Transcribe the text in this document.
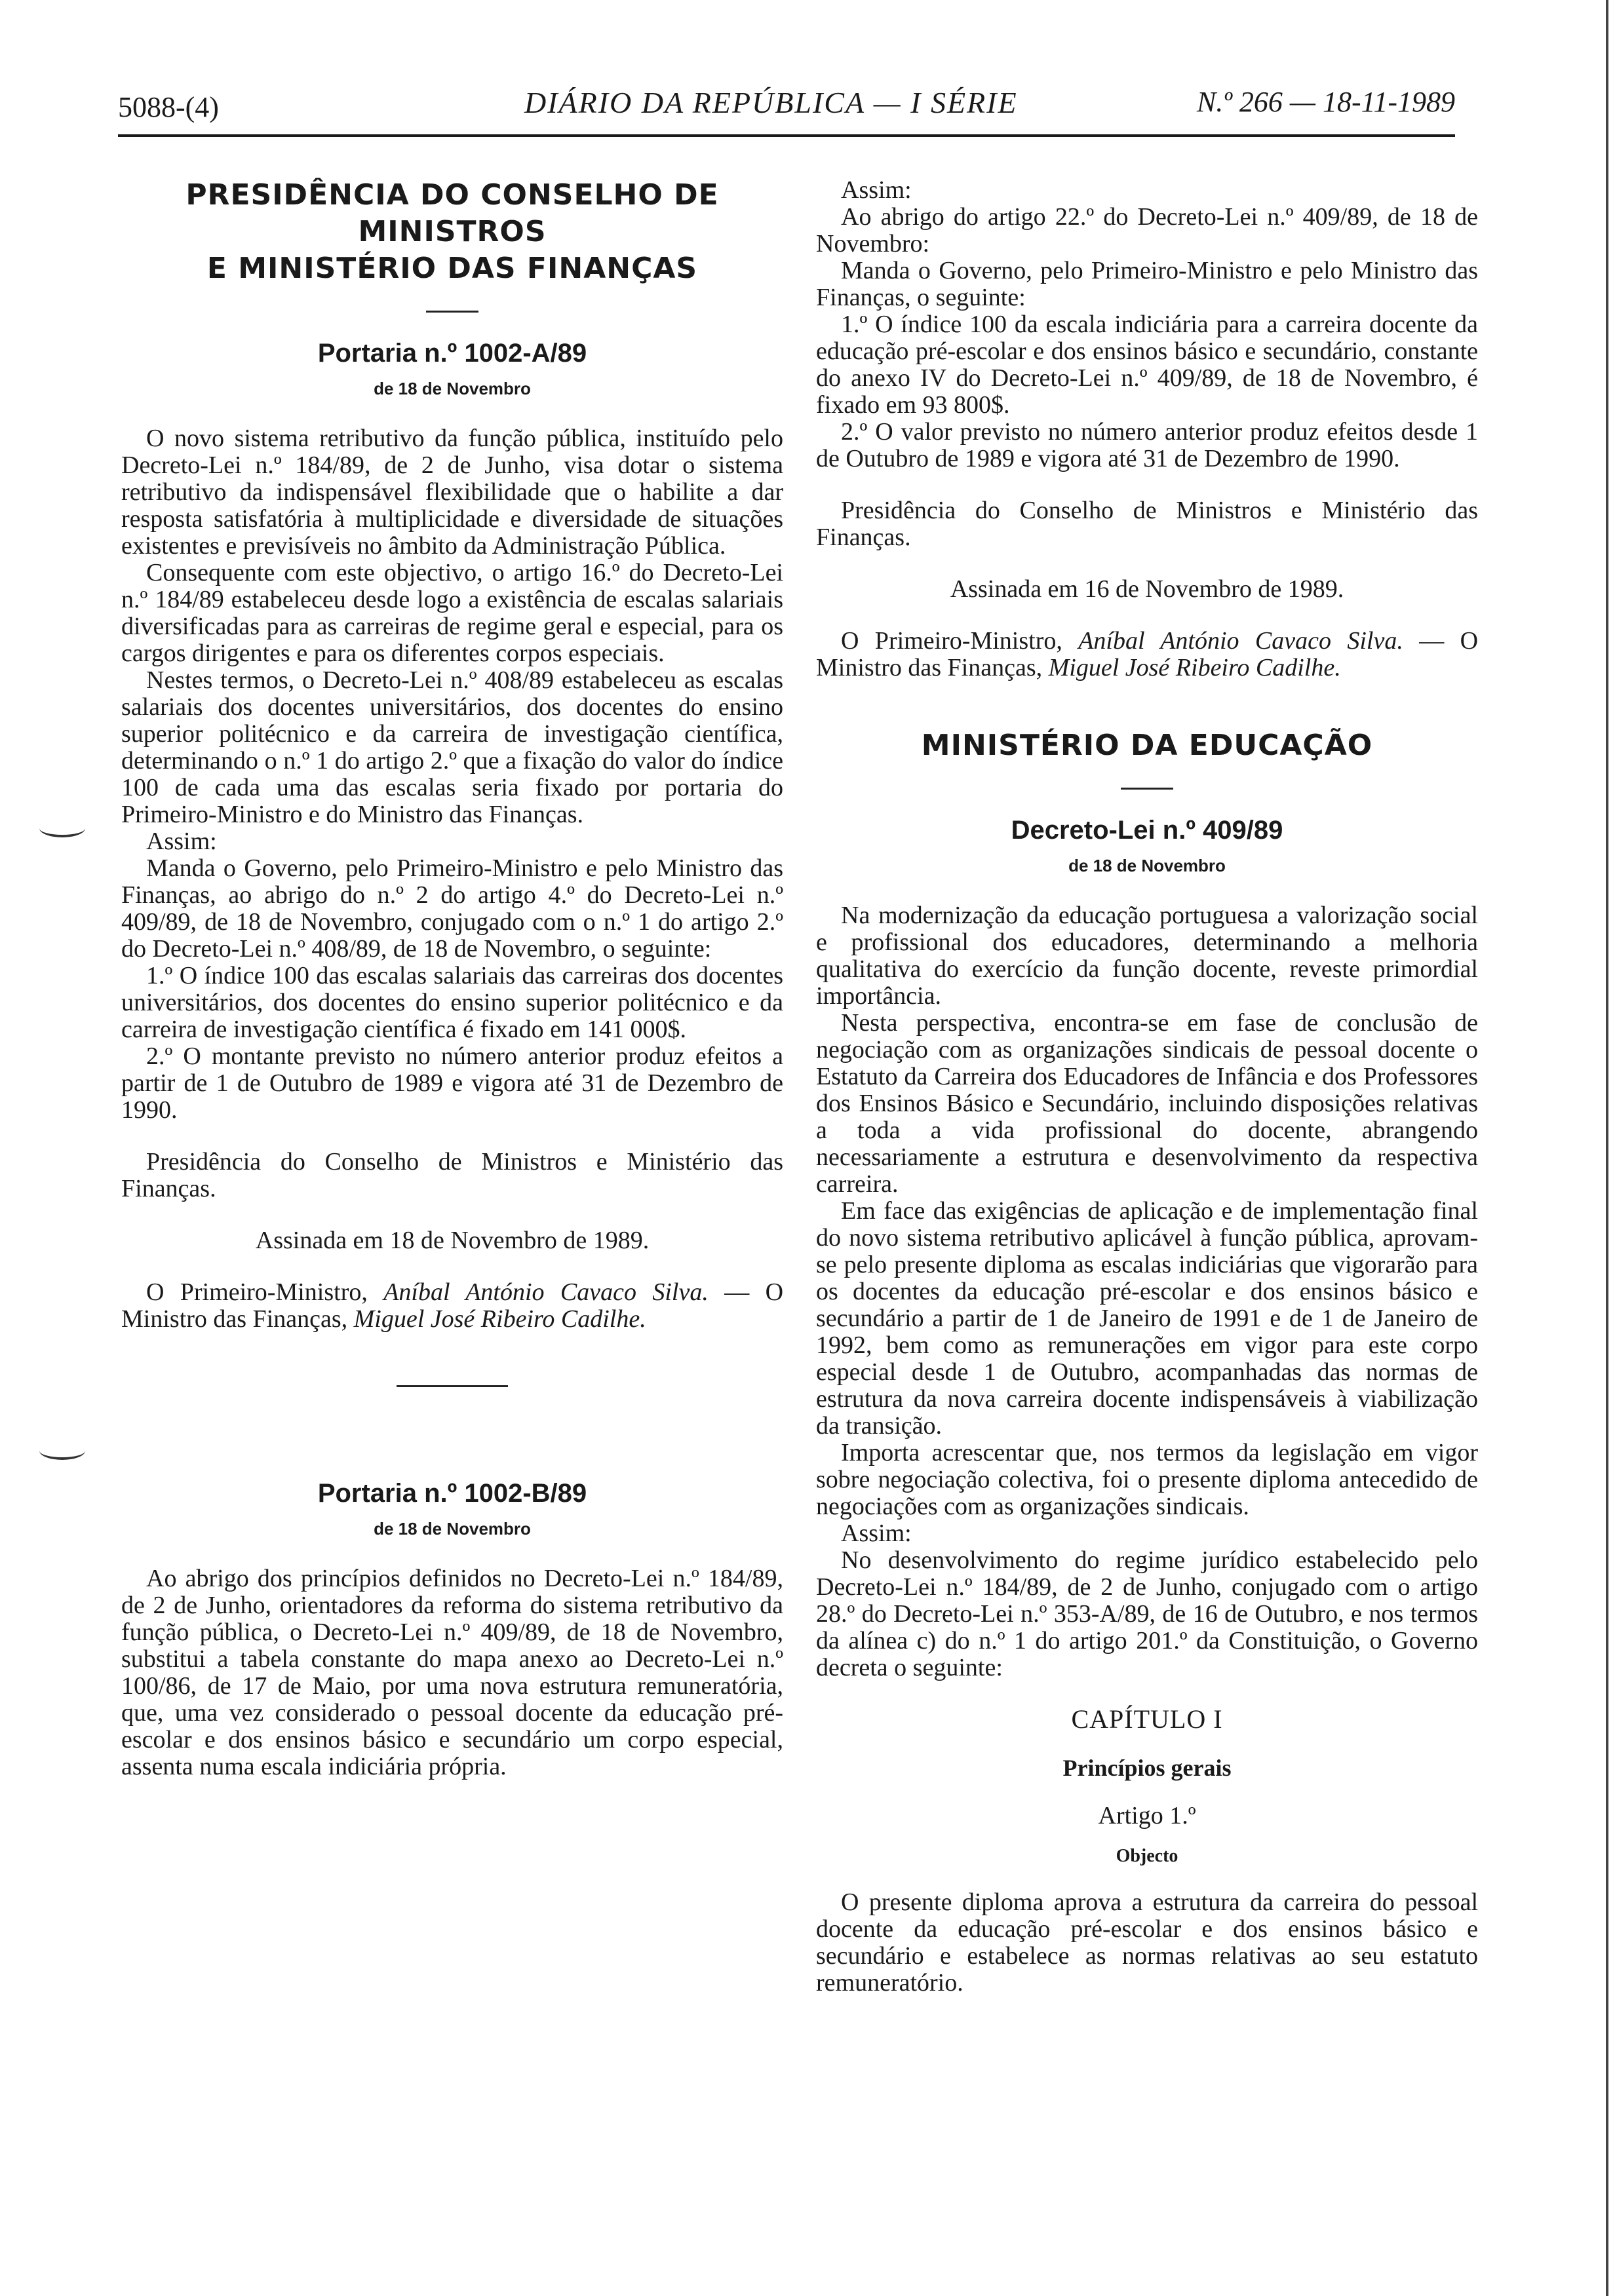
5088-(4)	DIÁRIO DA REPÚBLICA — I SÉRIE	N.º 266 — 18-11-1989
PRESIDÊNCIA DO CONSELHO DE MINISTROS
E MINISTÉRIO DAS FINANÇAS
Portaria n.º 1002-A/89
de 18 de Novembro

O novo sistema retributivo da função pública, instituído pelo Decreto-Lei n.º 184/89, de 2 de Junho, visa dotar o sistema retributivo da indispensável flexibilidade que o habilite a dar resposta satisfatória à multiplicidade e diversidade de situações existentes e previsíveis no âmbito da Administração Pública.

Consequente com este objectivo, o artigo 16.º do Decreto-Lei n.º 184/89 estabeleceu desde logo a existência de escalas salariais diversificadas para as carreiras de regime geral e especial, para os cargos dirigentes e para os diferentes corpos especiais.

Nestes termos, o Decreto-Lei n.º 408/89 estabeleceu as escalas salariais dos docentes universitários, dos docentes do ensino superior politécnico e da carreira de investigação científica, determinando o n.º 1 do artigo 2.º que a fixação do valor do índice 100 de cada uma das escalas seria fixado por portaria do Primeiro-Ministro e do Ministro das Finanças.

Assim:

Manda o Governo, pelo Primeiro-Ministro e pelo Ministro das Finanças, ao abrigo do n.º 2 do artigo 4.º do Decreto-Lei n.º 409/89, de 18 de Novembro, conjugado com o n.º 1 do artigo 2.º do Decreto-Lei n.º 408/89, de 18 de Novembro, o seguinte:

1.º O índice 100 das escalas salariais das carreiras dos docentes universitários, dos docentes do ensino superior politécnico e da carreira de investigação científica é fixado em 141 000$.

2.º O montante previsto no número anterior produz efeitos a partir de 1 de Outubro de 1989 e vigora até 31 de Dezembro de 1990.

Presidência do Conselho de Ministros e Ministério das Finanças.

Assinada em 18 de Novembro de 1989.

O Primeiro-Ministro, Aníbal António Cavaco Silva. — O Ministro das Finanças, Miguel José Ribeiro Cadilhe.

Portaria n.º 1002-B/89
de 18 de Novembro

Ao abrigo dos princípios definidos no Decreto-Lei n.º 184/89, de 2 de Junho, orientadores da reforma do sistema retributivo da função pública, o Decreto-Lei n.º 409/89, de 18 de Novembro, substitui a tabela constante do mapa anexo ao Decreto-Lei n.º 100/86, de 17 de Maio, por uma nova estrutura remuneratória, que, uma vez considerado o pessoal docente da educação pré-escolar e dos ensinos básico e secundário um corpo especial, assenta numa escala indiciária própria.

Assim:

Ao abrigo do artigo 22.º do Decreto-Lei n.º 409/89, de 18 de Novembro:

Manda o Governo, pelo Primeiro-Ministro e pelo Ministro das Finanças, o seguinte:

1.º O índice 100 da escala indiciária para a carreira docente da educação pré-escolar e dos ensinos básico e secundário, constante do anexo IV do Decreto-Lei n.º 409/89, de 18 de Novembro, é fixado em 93 800$.

2.º O valor previsto no número anterior produz efeitos desde 1 de Outubro de 1989 e vigora até 31 de Dezembro de 1990.

Presidência do Conselho de Ministros e Ministério das Finanças.

Assinada em 16 de Novembro de 1989.

O Primeiro-Ministro, Aníbal António Cavaco Silva. — O Ministro das Finanças, Miguel José Ribeiro Cadilhe.

MINISTÉRIO DA EDUCAÇÃO
Decreto-Lei n.º 409/89
de 18 de Novembro

Na modernização da educação portuguesa a valorização social e profissional dos educadores, determinando a melhoria qualitativa do exercício da função docente, reveste primordial importância.

Nesta perspectiva, encontra-se em fase de conclusão de negociação com as organizações sindicais de pessoal docente o Estatuto da Carreira dos Educadores de Infância e dos Professores dos Ensinos Básico e Secundário, incluindo disposições relativas a toda a vida profissional do docente, abrangendo necessariamente a estrutura e desenvolvimento da respectiva carreira.

Em face das exigências de aplicação e de implementação final do novo sistema retributivo aplicável à função pública, aprovam-se pelo presente diploma as escalas indiciárias que vigorarão para os docentes da educação pré-escolar e dos ensinos básico e secundário a partir de 1 de Janeiro de 1991 e de 1 de Janeiro de 1992, bem como as remunerações em vigor para este corpo especial desde 1 de Outubro, acompanhadas das normas de estrutura da nova carreira docente indispensáveis à viabilização da transição.

Importa acrescentar que, nos termos da legislação em vigor sobre negociação colectiva, foi o presente diploma antecedido de negociações com as organizações sindicais.

Assim:

No desenvolvimento do regime jurídico estabelecido pelo Decreto-Lei n.º 184/89, de 2 de Junho, conjugado com o artigo 28.º do Decreto-Lei n.º 353-A/89, de 16 de Outubro, e nos termos da alínea c) do n.º 1 do artigo 201.º da Constituição, o Governo decreta o seguinte:

CAPÍTULO I
Princípios gerais
Artigo 1.º
Objecto

O presente diploma aprova a estrutura da carreira do pessoal docente da educação pré-escolar e dos ensinos básico e secundário e estabelece as normas relativas ao seu estatuto remuneratório.
